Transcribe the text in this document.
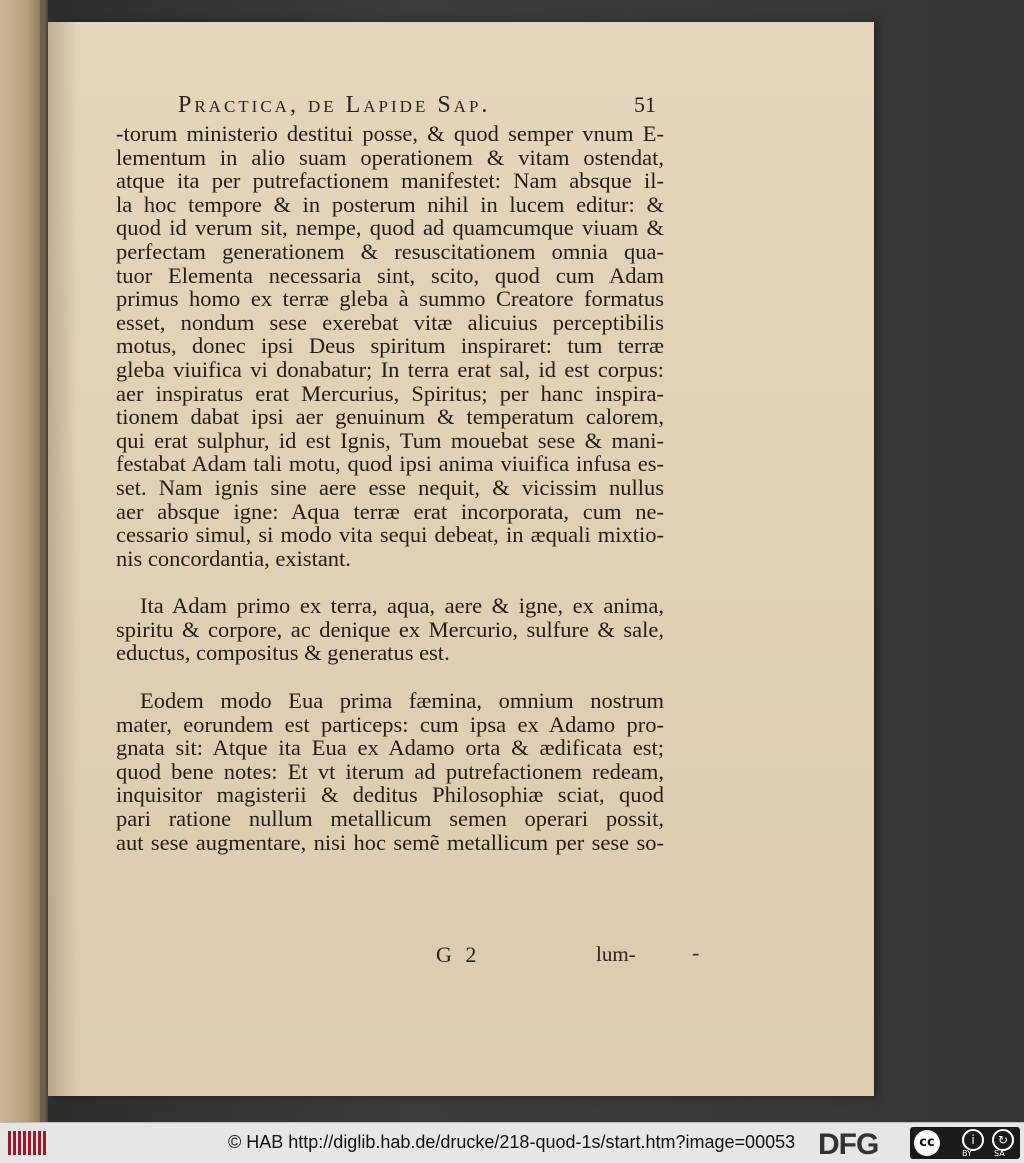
Practica, de Lapide Sap.	51
-torum ministerio destitui posse, & quod semper vnum E-
lementum in alio suam operationem & vitam ostendat,
atque ita per putrefactionem manifestet: Nam absque il-
la hoc tempore & in posterum nihil in lucem editur: &
quod id verum sit, nempe, quod ad quamcumque viuam &
perfectam generationem & resuscitationem omnia qua-
tuor Elementa necessaria sint, scito, quod cum Adam
primus homo ex terræ gleba à summo Creatore formatus
esset, nondum sese exerebat vitæ alicuius perceptibilis
motus, donec ipsi Deus spiritum inspiraret: tum terræ
gleba viuifica vi donabatur; In terra erat sal, id est corpus:
aer inspiratus erat Mercurius, Spiritus; per hanc inspira-
tionem dabat ipsi aer genuinum & temperatum calorem,
qui erat sulphur, id est Ignis, Tum mouebat sese & mani-
festabat Adam tali motu, quod ipsi anima viuifica infusa es-
set. Nam ignis sine aere esse nequit, & vicissim nullus
aer absque igne: Aqua terræ erat incorporata, cum ne-
cessario simul, si modo vita sequi debeat, in æquali mixtio-
nis concordantia, existant.
Ita Adam primo ex terra, aqua, aere & igne, ex anima,
spiritu & corpore, ac denique ex Mercurio, sulfure & sale,
eductus, compositus & generatus est.
Eodem modo Eua prima fæmina, omnium nostrum
mater, eorundem est particeps: cum ipsa ex Adamo pro-
gnata sit: Atque ita Eua ex Adamo orta & ædificata est;
quod bene notes: Et vt iterum ad putrefactionem redeam,
inquisitor magisterii & deditus Philosophiæ sciat, quod
pari ratione nullum metallicum semen operari possit,
aut sese augmentare, nisi hoc semẽ metallicum per sese so-
G 2	lum-	-
© HAB http://diglib.hab.de/drucke/218-quod-1s/start.htm?image=00053 DFG	cc	i	↻
BY	SA
